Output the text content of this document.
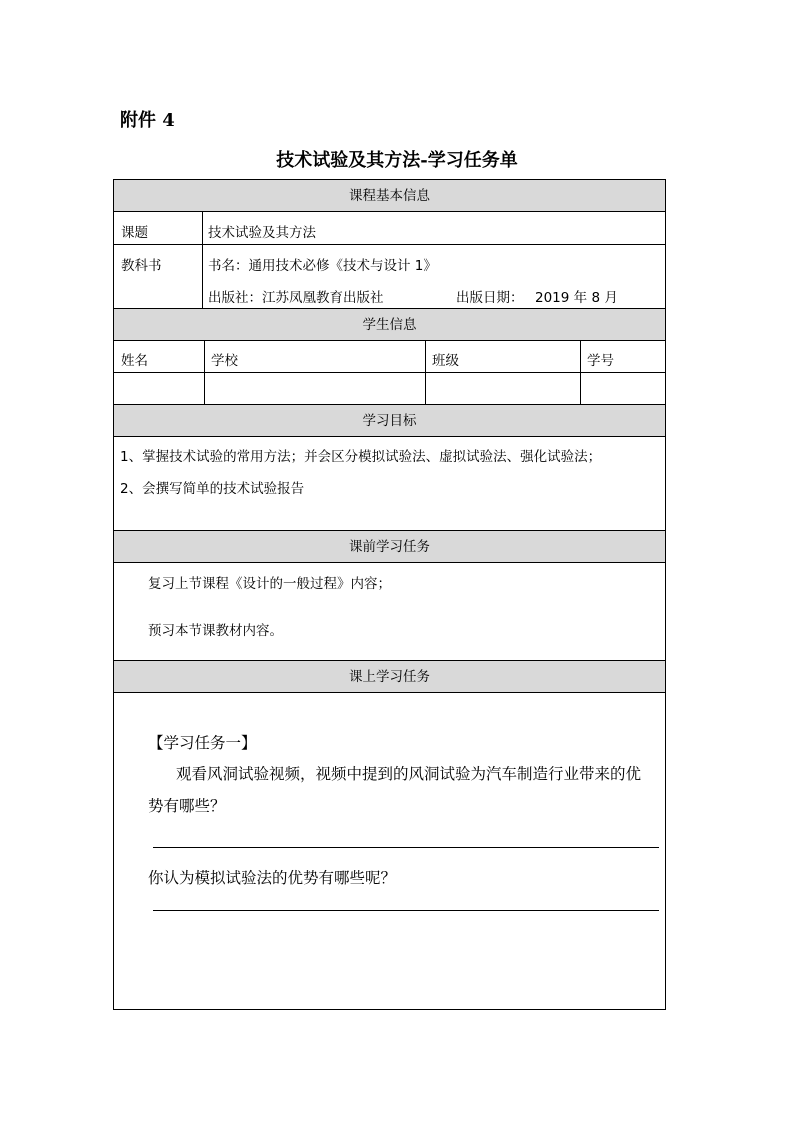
附件 4
技术试验及其方法-学习任务单
课程基本信息
课题	技术试验及其方法
教科书	书名：通用技术必修《技术与设计 1》
出版社：江苏凤凰教育出版社	出版日期： 2019 年 8 月
学生信息
姓名	学校	班级	学号
学习目标
1、掌握技术试验的常用方法；并会区分模拟试验法、虚拟试验法、强化试验法；
2、会撰写简单的技术试验报告
课前学习任务
复习上节课程《设计的一般过程》内容；
预习本节课教材内容。
课上学习任务
【学习任务一】
观看风洞试验视频，视频中提到的风洞试验为汽车制造行业带来的优
势有哪些？
你认为模拟试验法的优势有哪些呢？
